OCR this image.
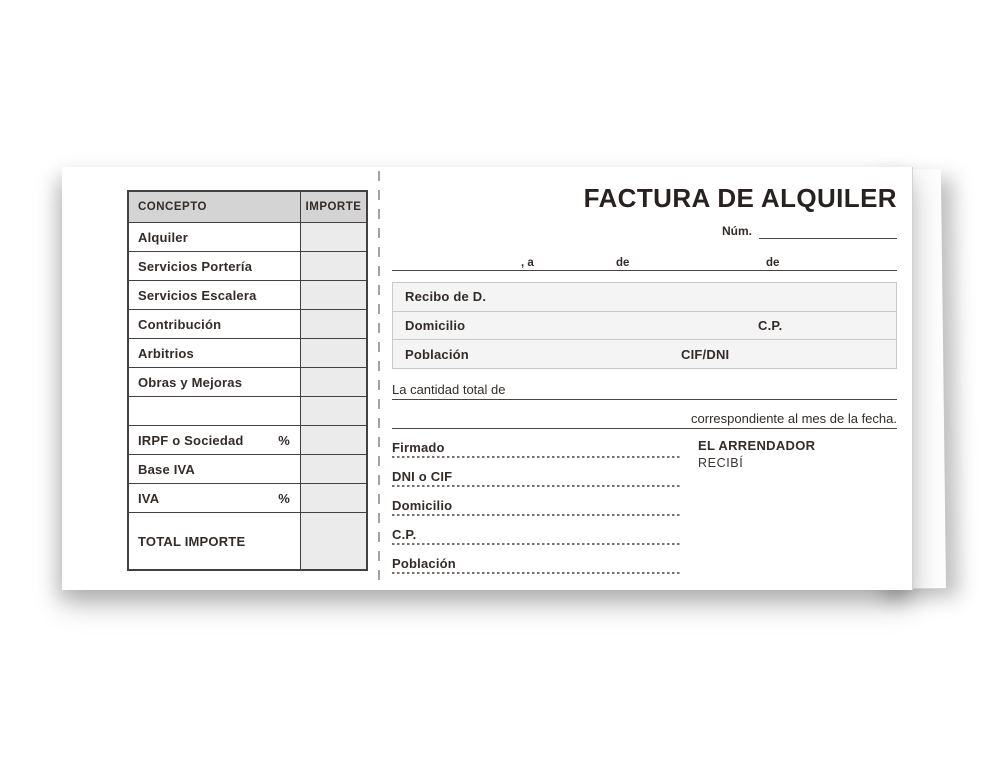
CONCEPTO	IMPORTE
Alquiler
Servicios Portería
Servicios Escalera
Contribución
Arbitrios
Obras y Mejoras
IRPF o Sociedad	%
Base IVA
IVA	%
TOTAL IMPORTE
FACTURA DE ALQUILER
Núm.
, a	de	de
Recibo de D.
Domicilio	C.P.
Población	CIF/DNI
La cantidad total de
correspondiente al mes de la fecha.
Firmado
DNI o CIF
Domicilio
C.P.
Población
EL ARRENDADOR
RECIBÍ
